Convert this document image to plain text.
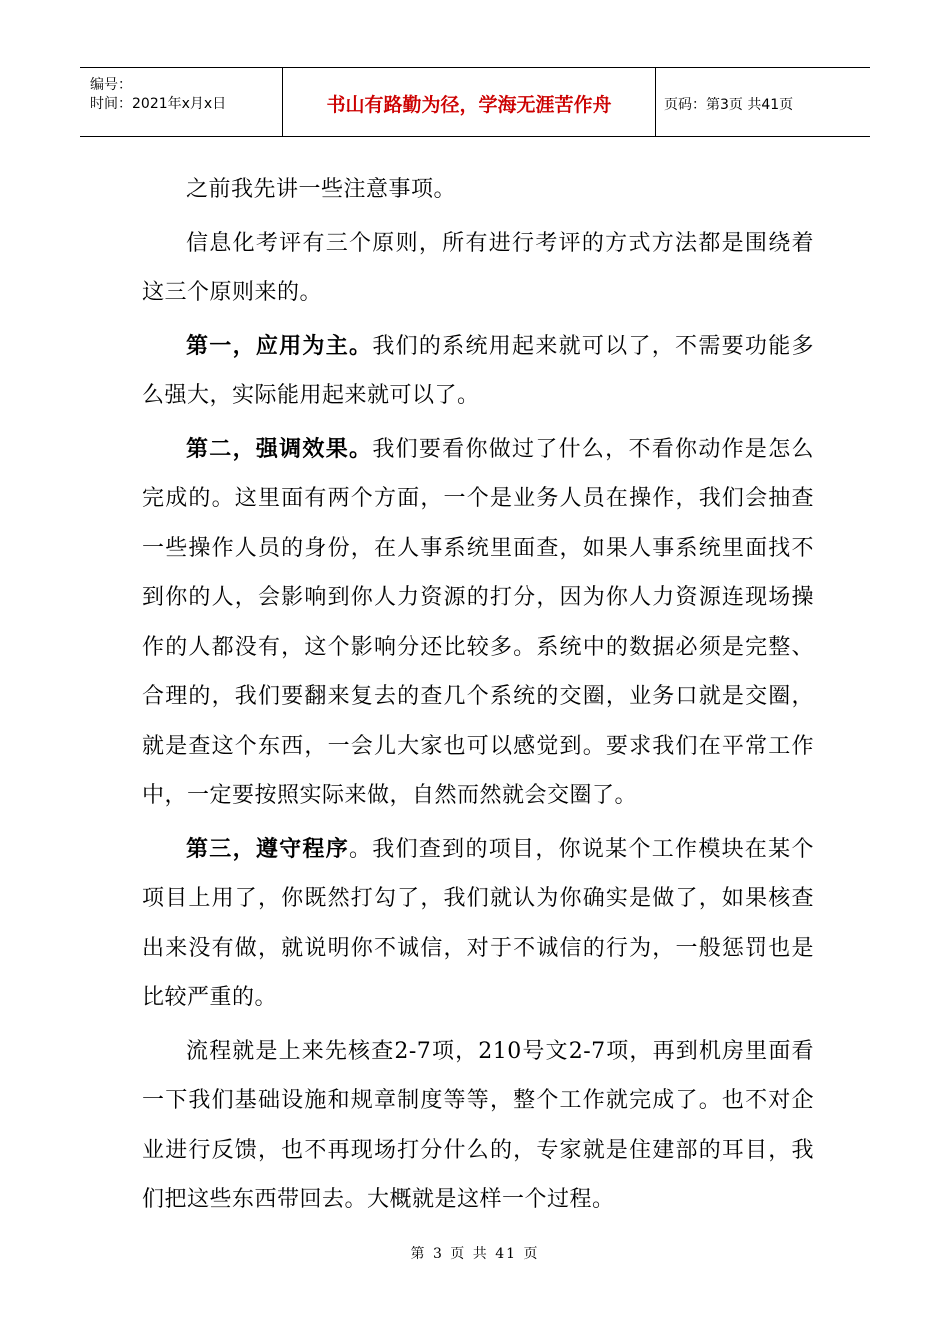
编号：
时间：2021年x月x日	书山有路勤为径，学海无涯苦作舟	页码：第3页 共41页

之前我先讲一些注意事项。

信息化考评有三个原则，所有进行考评的方式方法都是围绕着这三个原则来的。

第一，应用为主。我们的系统用起来就可以了，不需要功能多么强大，实际能用起来就可以了。

第二，强调效果。我们要看你做过了什么，不看你动作是怎么完成的。这里面有两个方面，一个是业务人员在操作，我们会抽查一些操作人员的身份，在人事系统里面查，如果人事系统里面找不到你的人，会影响到你人力资源的打分，因为你人力资源连现场操作的人都没有，这个影响分还比较多。系统中的数据必须是完整、合理的，我们要翻来复去的查几个系统的交圈，业务口就是交圈，就是查这个东西，一会儿大家也可以感觉到。要求我们在平常工作中，一定要按照实际来做，自然而然就会交圈了。

第三，遵守程序。我们查到的项目，你说某个工作模块在某个项目上用了，你既然打勾了，我们就认为你确实是做了，如果核查出来没有做，就说明你不诚信，对于不诚信的行为，一般惩罚也是比较严重的。

流程就是上来先核查2-7项，210号文2-7项，再到机房里面看一下我们基础设施和规章制度等等，整个工作就完成了。也不对企业进行反馈，也不再现场打分什么的，专家就是住建部的耳目，我们把这些东西带回去。大概就是这样一个过程。

第 3 页 共 41 页
